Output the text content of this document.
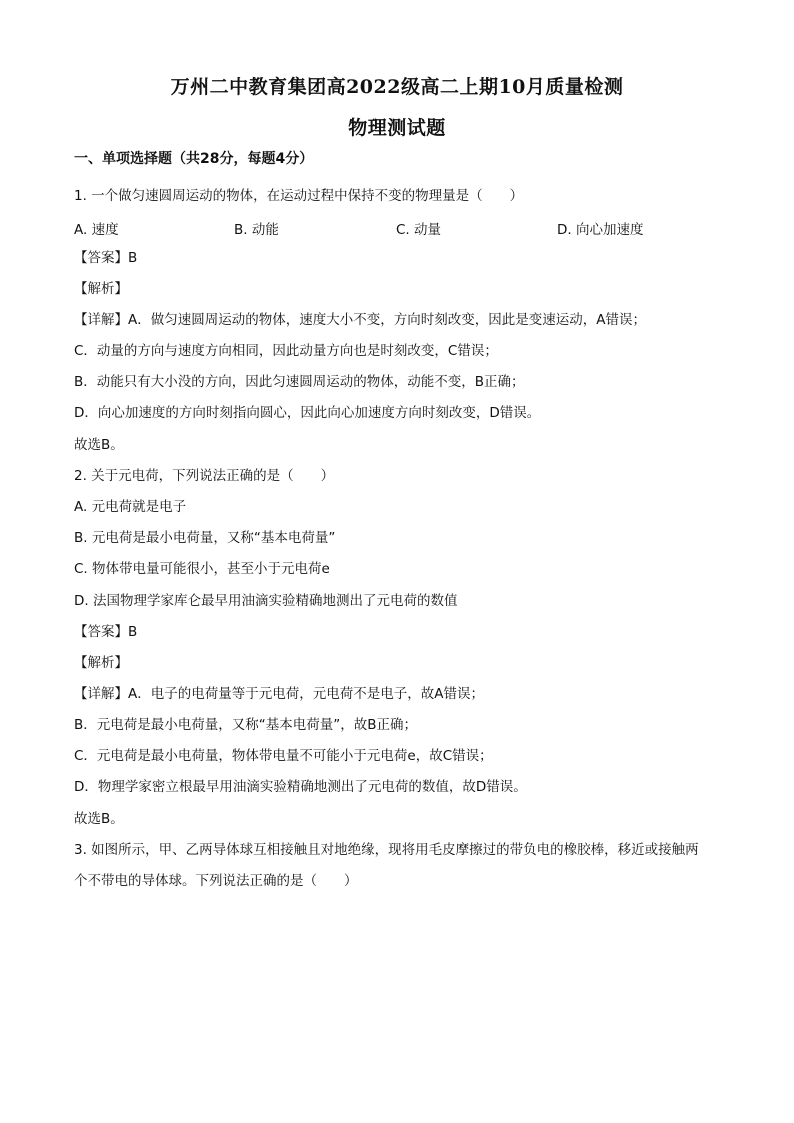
万州二中教育集团高2022级高二上期10月质量检测
物理测试题
一、单项选择题（共28分，每题4分）
1. 一个做匀速圆周运动的物体，在运动过程中保持不变的物理量是（　　）
A. 速度	B. 动能	C. 动量	D. 向心加速度
【答案】B
【解析】
【详解】A．做匀速圆周运动的物体，速度大小不变，方向时刻改变，因此是变速运动，A错误；
C．动量的方向与速度方向相同，因此动量方向也是时刻改变，C错误；
B．动能只有大小没的方向，因此匀速圆周运动的物体，动能不变，B正确；
D．向心加速度的方向时刻指向圆心，因此向心加速度方向时刻改变，D错误。
故选B。
2. 关于元电荷，下列说法正确的是（　　）
A. 元电荷就是电子
B. 元电荷是最小电荷量，又称“基本电荷量”
C. 物体带电量可能很小，甚至小于元电荷e
D. 法国物理学家库仑最早用油滴实验精确地测出了元电荷的数值
【答案】B
【解析】
【详解】A．电子的电荷量等于元电荷，元电荷不是电子，故A错误；
B．元电荷是最小电荷量，又称“基本电荷量”，故B正确；
C．元电荷是最小电荷量，物体带电量不可能小于元电荷e，故C错误；
D．物理学家密立根最早用油滴实验精确地测出了元电荷的数值，故D错误。
故选B。
3. 如图所示，甲、乙两导体球互相接触且对地绝缘，现将用毛皮摩擦过的带负电的橡胶棒，移近或接触两
个不带电的导体球。下列说法正确的是（　　）
